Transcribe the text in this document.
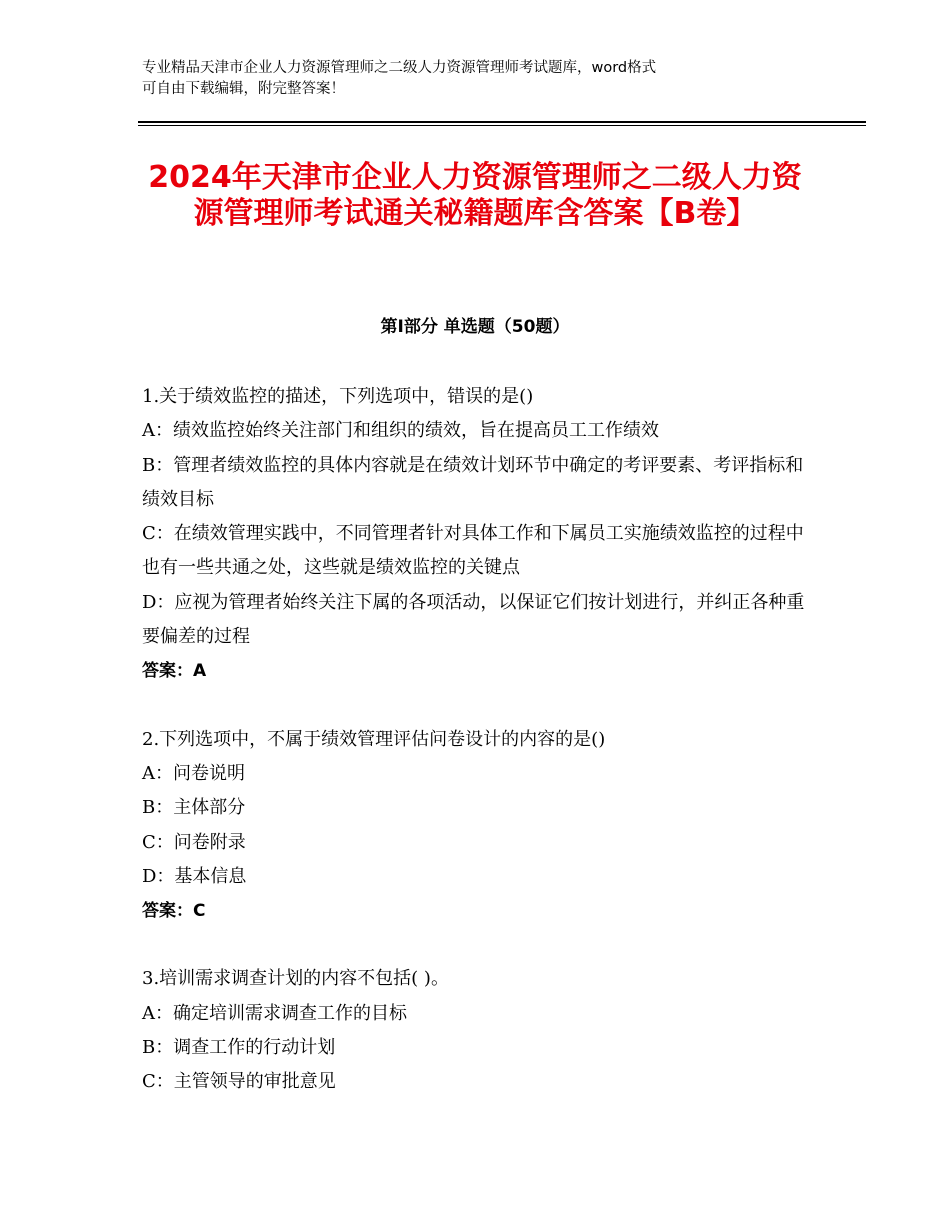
专业精品天津市企业人力资源管理师之二级人力资源管理师考试题库，word格式

可自由下载编辑，附完整答案！

2024年天津市企业人力资源管理师之二级人力资源管理师考试通关秘籍题库含答案【B卷】
第Ⅰ部分 单选题（50题）

1.关于绩效监控的描述，下列选项中，错误的是()

A：绩效监控始终关注部门和组织的绩效，旨在提高员工工作绩效

B：管理者绩效监控的具体内容就是在绩效计划环节中确定的考评要素、考评指标和绩效目标

C：在绩效管理实践中，不同管理者针对具体工作和下属员工实施绩效监控的过程中也有一些共通之处，这些就是绩效监控的关键点

D：应视为管理者始终关注下属的各项活动，以保证它们按计划进行，并纠正各种重要偏差的过程

答案：A

2.下列选项中，不属于绩效管理评估问卷设计的内容的是()

A：问卷说明

B：主体部分

C：问卷附录

D：基本信息

答案：C

3.培训需求调查计划的内容不包括( )。

A：确定培训需求调查工作的目标

B：调查工作的行动计划

C：主管领导的审批意见
